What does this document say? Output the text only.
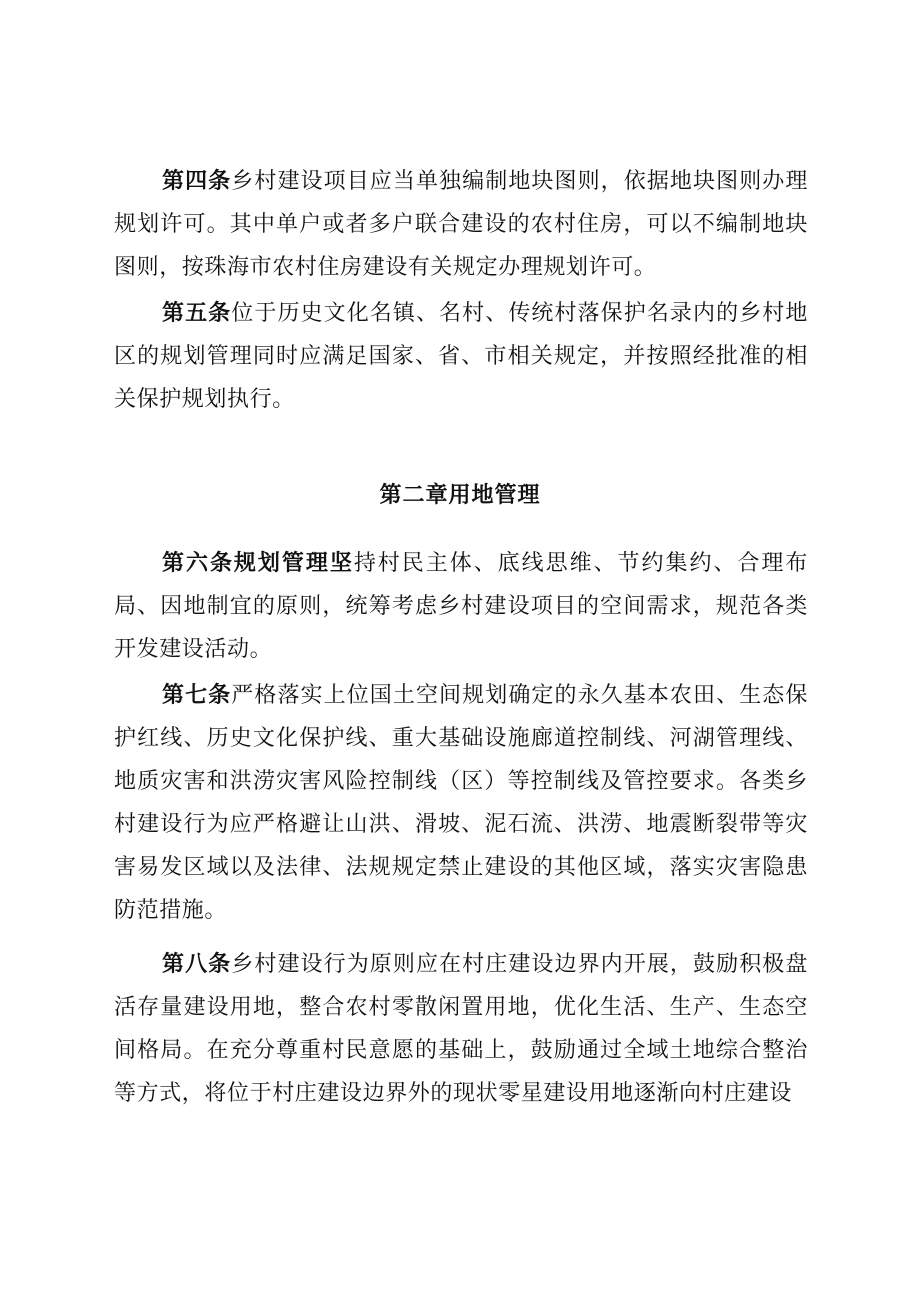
第四条乡村建设项目应当单独编制地块图则，依据地块图则办理规划许可。其中单户或者多户联合建设的农村住房，可以不编制地块图则，按珠海市农村住房建设有关规定办理规划许可。

第五条位于历史文化名镇、名村、传统村落保护名录内的乡村地区的规划管理同时应满足国家、省、市相关规定，并按照经批准的相关保护规划执行。

第二章用地管理

第六条规划管理坚持村民主体、底线思维、节约集约、合理布局、因地制宜的原则，统筹考虑乡村建设项目的空间需求，规范各类开发建设活动。

第七条严格落实上位国土空间规划确定的永久基本农田、生态保护红线、历史文化保护线、重大基础设施廊道控制线、河湖管理线、地质灾害和洪涝灾害风险控制线（区）等控制线及管控要求。各类乡村建设行为应严格避让山洪、滑坡、泥石流、洪涝、地震断裂带等灾害易发区域以及法律、法规规定禁止建设的其他区域，落实灾害隐患防范措施。

第八条乡村建设行为原则应在村庄建设边界内开展，鼓励积极盘活存量建设用地，整合农村零散闲置用地，优化生活、生产、生态空间格局。在充分尊重村民意愿的基础上，鼓励通过全域土地综合整治等方式，将位于村庄建设边界外的现状零星建设用地逐渐向村庄建设
